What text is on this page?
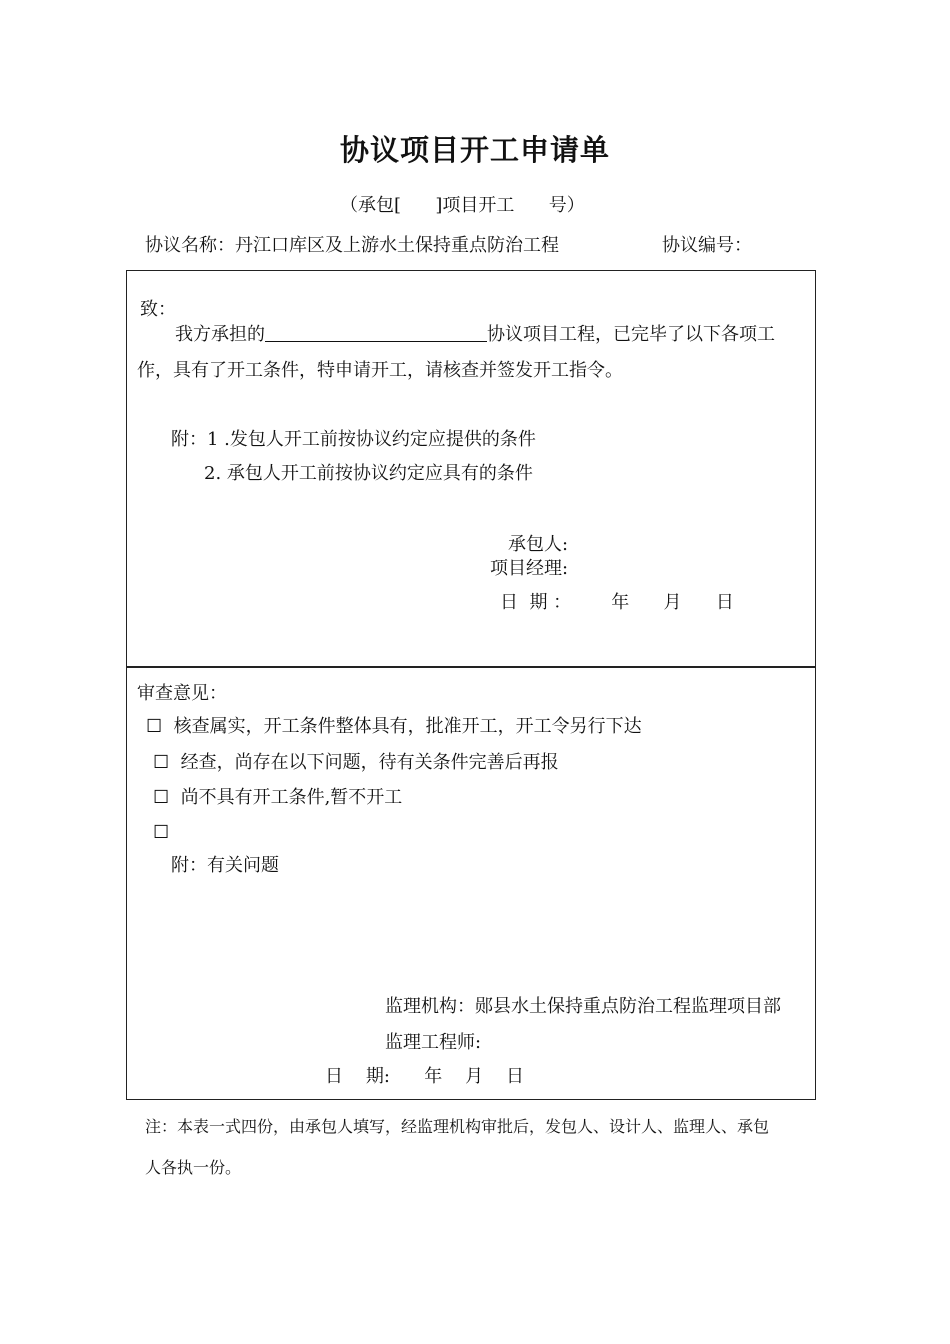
协议项目开工申请单
（承包[      ]项目开工      号）
协议名称：丹江口库区及上游水土保持重点防治工程	协议编号：
致：
我方承担的	协议项目工程，已完毕了以下各项工
作，具有了开工条件，特申请开工，请核查并签发开工指令。
附：1 .发包人开工前按协议约定应提供的条件
2. 承包人开工前按协议约定应具有的条件
承包人:
项目经理:
日  期 ：       年      月      日
审查意见：
☐  核查属实，开工条件整体具有，批准开工，开工令另行下达
☐  经查，尚存在以下问题，待有关条件完善后再报
☐  尚不具有开工条件,暂不开工
☐
附：有关问题
监理机构：郧县水土保持重点防治工程监理项目部
监理工程师:
日    期:      年    月    日
注：本表一式四份，由承包人填写，经监理机构审批后，发包人、设计人、监理人、承包
人各执一份。
